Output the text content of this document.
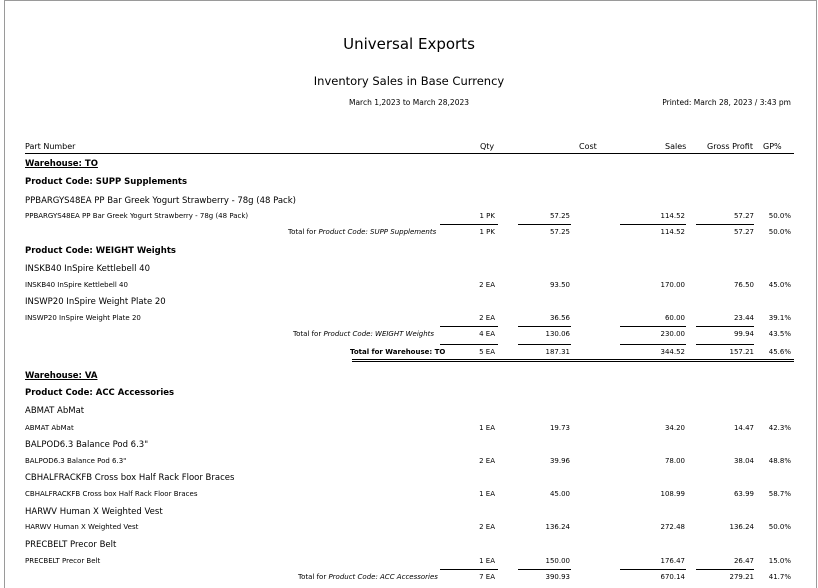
Universal Exports
Inventory Sales in Base Currency
March 1,2023 to March 28,2023	Printed: March 28, 2023 / 3:43 pm
Part Number	Qty	Cost	Sales	Gross Profit GP%
Warehouse: TO
Product Code: SUPP Supplements
PPBARGYS48EA PP Bar Greek Yogurt Strawberry - 78g (48 Pack)
PPBARGYS48EA PP Bar Greek Yogurt Strawberry - 78g (48 Pack)	1 PK	57.25	114.52	57.27 50.0%
Total for Product Code: SUPP Supplements	1 PK	57.25	114.52	57.27 50.0%
Product Code: WEIGHT Weights
INSKB40 InSpire Kettlebell 40
INSKB40 InSpire Kettlebell 40	2 EA	93.50	170.00	76.50 45.0%
INSWP20 InSpire Weight Plate 20
INSWP20 InSpire Weight Plate 20	2 EA	36.56	60.00	23.44 39.1%
Total for Product Code: WEIGHT Weights	4 EA	130.06	230.00	99.94 43.5%
Total for Warehouse: TO	5 EA	187.31	344.52	157.21 45.6%
Warehouse: VA
Product Code: ACC Accessories
ABMAT AbMat
ABMAT AbMat	1 EA	19.73	34.20	14.47 42.3%
BALPOD6.3 Balance Pod 6.3"
BALPOD6.3 Balance Pod 6.3"	2 EA	39.96	78.00	38.04 48.8%
CBHALFRACKFB Cross box Half Rack Floor Braces
CBHALFRACKFB Cross box Half Rack Floor Braces	1 EA	45.00	108.99	63.99 58.7%
HARWV Human X Weighted Vest
HARWV Human X Weighted Vest	2 EA	136.24	272.48	136.24 50.0%
PRECBELT Precor Belt
PRECBELT Precor Belt	1 EA	150.00	176.47	26.47 15.0%
Total for Product Code: ACC Accessories	7 EA	390.93	670.14	279.21 41.7%
